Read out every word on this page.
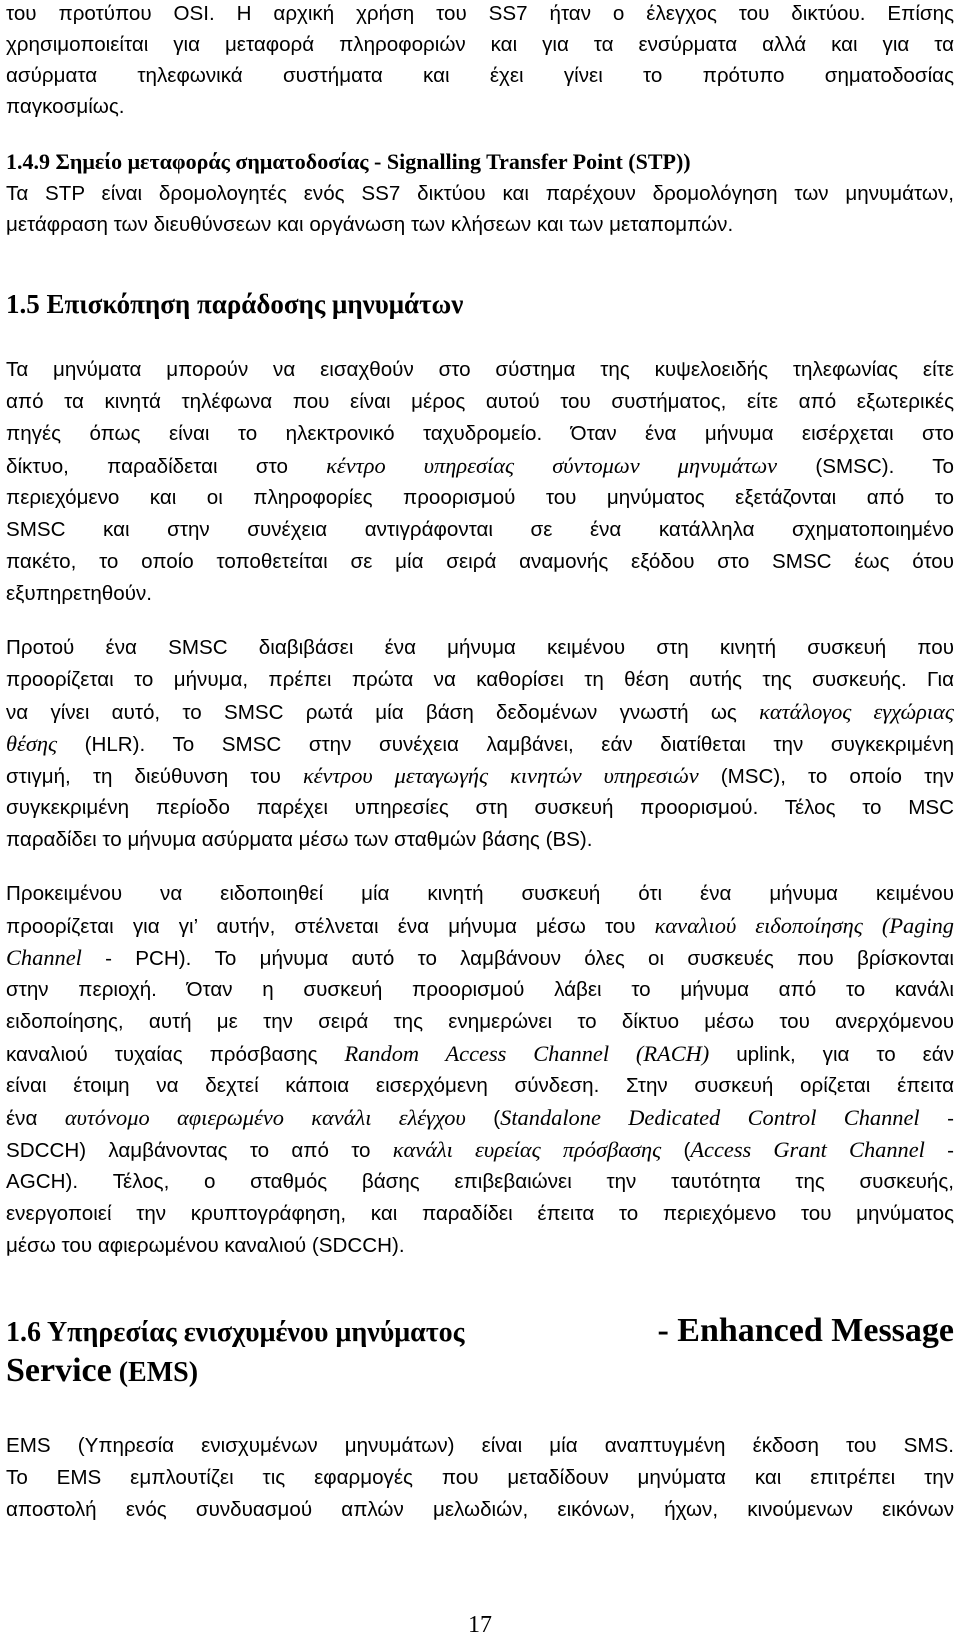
του προτύπου OSI. Η αρχική χρήση του SS7 ήταν ο έλεγχος του δικτύου. Επίσης
χρησιμοποιείται για μεταφορά πληροφοριών και για τα ενσύρματα αλλά και για τα
ασύρματα τηλεφωνικά συστήματα και έχει γίνει το πρότυπο σηματοδοσίας
παγκοσμίως.
1.4.9 Σημείο μεταφοράς σηματοδοσίας - Signalling Transfer Point (STP))
Τα STP είναι δρομολογητές ενός SS7 δικτύου και παρέχουν δρομολόγηση των μηνυμάτων,
μετάφραση των διευθύνσεων και οργάνωση των κλήσεων και των μεταπομπών.
1.5 Επισκόπηση παράδοσης μηνυμάτων
Τα μηνύματα μπορούν να εισαχθούν στο σύστημα της κυψελοειδής τηλεφωνίας είτε
από τα κινητά τηλέφωνα που είναι μέρος αυτού του συστήματος, είτε από εξωτερικές
πηγές όπως είναι το ηλεκτρονικό ταχυδρομείο. Όταν ένα μήνυμα εισέρχεται στο
δίκτυο, παραδίδεται στο κέντρο υπηρεσίας σύντομων μηνυμάτων (SMSC). Το
περιεχόμενο και οι πληροφορίες προορισμού του μηνύματος εξετάζονται από το
SMSC και στην συνέχεια αντιγράφονται σε ένα κατάλληλα σχηματοποιημένο
πακέτο, το οποίο τοποθετείται σε μία σειρά αναμονής εξόδου στο SMSC έως ότου
εξυπηρετηθούν.
Προτού ένα SMSC διαβιβάσει ένα μήνυμα κειμένου στη κινητή συσκευή που
προορίζεται το μήνυμα, πρέπει πρώτα να καθορίσει τη θέση αυτής της συσκευής. Για
να γίνει αυτό, το SMSC ρωτά μία βάση δεδομένων γνωστή ως κατάλογος εγχώριας
θέσης (HLR). Το SMSC στην συνέχεια λαμβάνει, εάν διατίθεται την συγκεκριμένη
στιγμή, τη διεύθυνση του κέντρου μεταγωγής κινητών υπηρεσιών (MSC), το οποίο την
συγκεκριμένη περίοδο παρέχει υπηρεσίες στη συσκευή προορισμού. Τέλος το MSC
παραδίδει το μήνυμα ασύρματα μέσω των σταθμών βάσης (BS).
Προκειμένου να ειδοποιηθεί μία κινητή συσκευή ότι ένα μήνυμα κειμένου
προορίζεται για γι’ αυτήν, στέλνεται ένα μήνυμα μέσω του καναλιού ειδοποίησης (Paging
Channel - PCH). Το μήνυμα αυτό το λαμβάνουν όλες οι συσκευές που βρίσκονται
στην περιοχή. Όταν η συσκευή προορισμού λάβει το μήνυμα από το κανάλι
ειδοποίησης, αυτή με την σειρά της ενημερώνει το δίκτυο μέσω του ανερχόμενου
καναλιού τυχαίας πρόσβασης Random Access Channel (RACH) uplink, για το εάν
είναι έτοιμη να δεχτεί κάποια εισερχόμενη σύνδεση. Στην συσκευή ορίζεται έπειτα
ένα αυτόνομο αφιερωμένο κανάλι ελέγχου (Standalone Dedicated Control Channel -
SDCCH) λαμβάνοντας το από το κανάλι ευρείας πρόσβασης (Access Grant Channel -
AGCH). Τέλος, ο σταθμός βάσης επιβεβαιώνει την ταυτότητα της συσκευής,
ενεργοποιεί την κρυπτογράφηση, και παραδίδει έπειτα το περιεχόμενο του μηνύματος
μέσω του αφιερωμένου καναλιού (SDCCH).
1.6 Υπηρεσίας ενισχυμένου μηνύματος	- Enhanced Message
Service (EMS)
EMS (Υπηρεσία ενισχυμένων μηνυμάτων) είναι μία αναπτυγμένη έκδοση του SMS.
Το EMS εμπλουτίζει τις εφαρμογές που μεταδίδουν μηνύματα και επιτρέπει την
αποστολή ενός συνδυασμού απλών μελωδιών, εικόνων, ήχων, κινούμενων εικόνων
17
